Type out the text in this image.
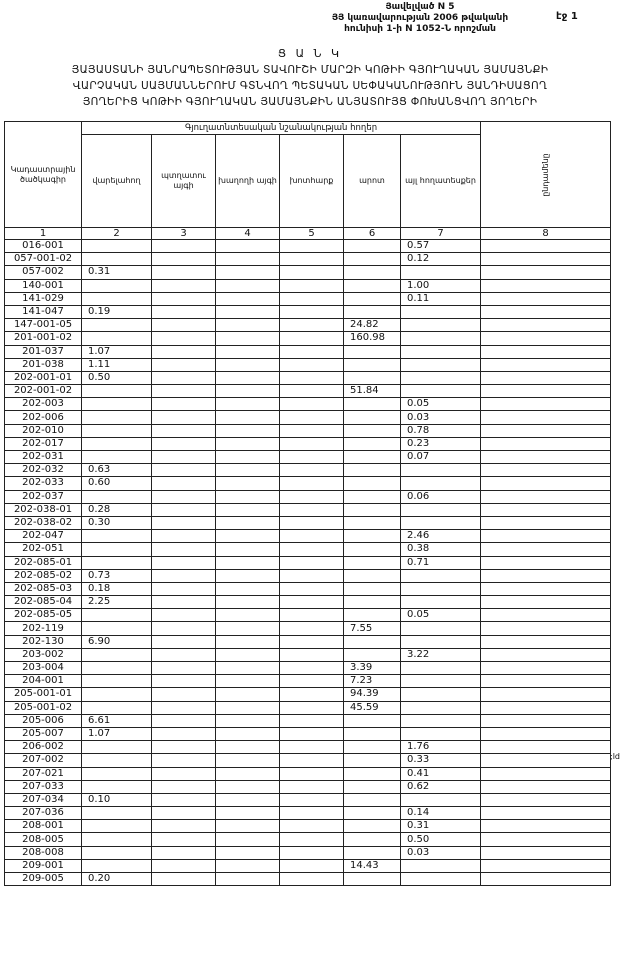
Յավելված N 5
ՅՅ կառավարության 2006 թվականի
հունիսի 1-ի N 1052-Ն որոշման
էջ 1
Ց Ա Ն Կ
ՅԱՅԱՍՏԱՆԻ ՅԱՆՐԱՊԵՏՈՒԹՅԱՆ ՏԱՎՈՒՇԻ ՄԱՐԶԻ ԿՈԹԻԻ ԳՅՈՒՂԱԿԱՆ ՅԱՄԱՅՆՔԻ
ՎԱՐՉԱԿԱՆ ՍԱՅՄԱՆՆԵՐՈՒՄ ԳՏՆՎՈՂ ՊԵՏԱԿԱՆ ՍԵՓԱԿԱՆՈՒԹՅՈՒՆ ՅԱՆԴԻՍԱՑՈՂ
ՅՈՂԵՐԻՑ ԿՈԹԻԻ ԳՅՈՒՂԱԿԱՆ ՅԱՄԱՅՆՔԻՆ ԱՆՅԱՏՈՒՅՑ ՓՈԽԱՆՑՎՈՂ ՅՈՂԵՐԻ
;ld
Կադաստրային ծածկագիր	Գյուղատնտեսական նշանակության հողեր						ընդամենը

	վարելահող	պտղատու այգի	խաղողի այգի	խոտհարք	արոտ	այլ հողատեսքեր	
1	2	3	4	5	6	7	8
016-001						0.57	
057-001-02						0.12	
057-002	0.31						
140-001						1.00	
141-029						0.11	
141-047	0.19						
147-001-05					24.82		
201-001-02					160.98		
201-037	1.07						
201-038	1.11						
202-001-01	0.50						
202-001-02					51.84		
202-003						0.05	
202-006						0.03	
202-010						0.78	
202-017						0.23	
202-031						0.07	
202-032	0.63						
202-033	0.60						
202-037						0.06	
202-038-01	0.28						
202-038-02	0.30						
202-047						2.46	
202-051						0.38	
202-085-01						0.71	
202-085-02	0.73						
202-085-03	0.18						
202-085-04	2.25						
202-085-05						0.05	
202-119					7.55		
202-130	6.90						
203-002						3.22	
203-004					3.39		
204-001					7.23		
205-001-01					94.39		
205-001-02					45.59		
205-006	6.61						
205-007	1.07						
206-002						1.76	
207-002						0.33	
207-021						0.41	
207-033						0.62	
207-034	0.10						
207-036						0.14	
208-001						0.31	
208-005						0.50	
208-008						0.03	
209-001					14.43		
209-005	0.20						
